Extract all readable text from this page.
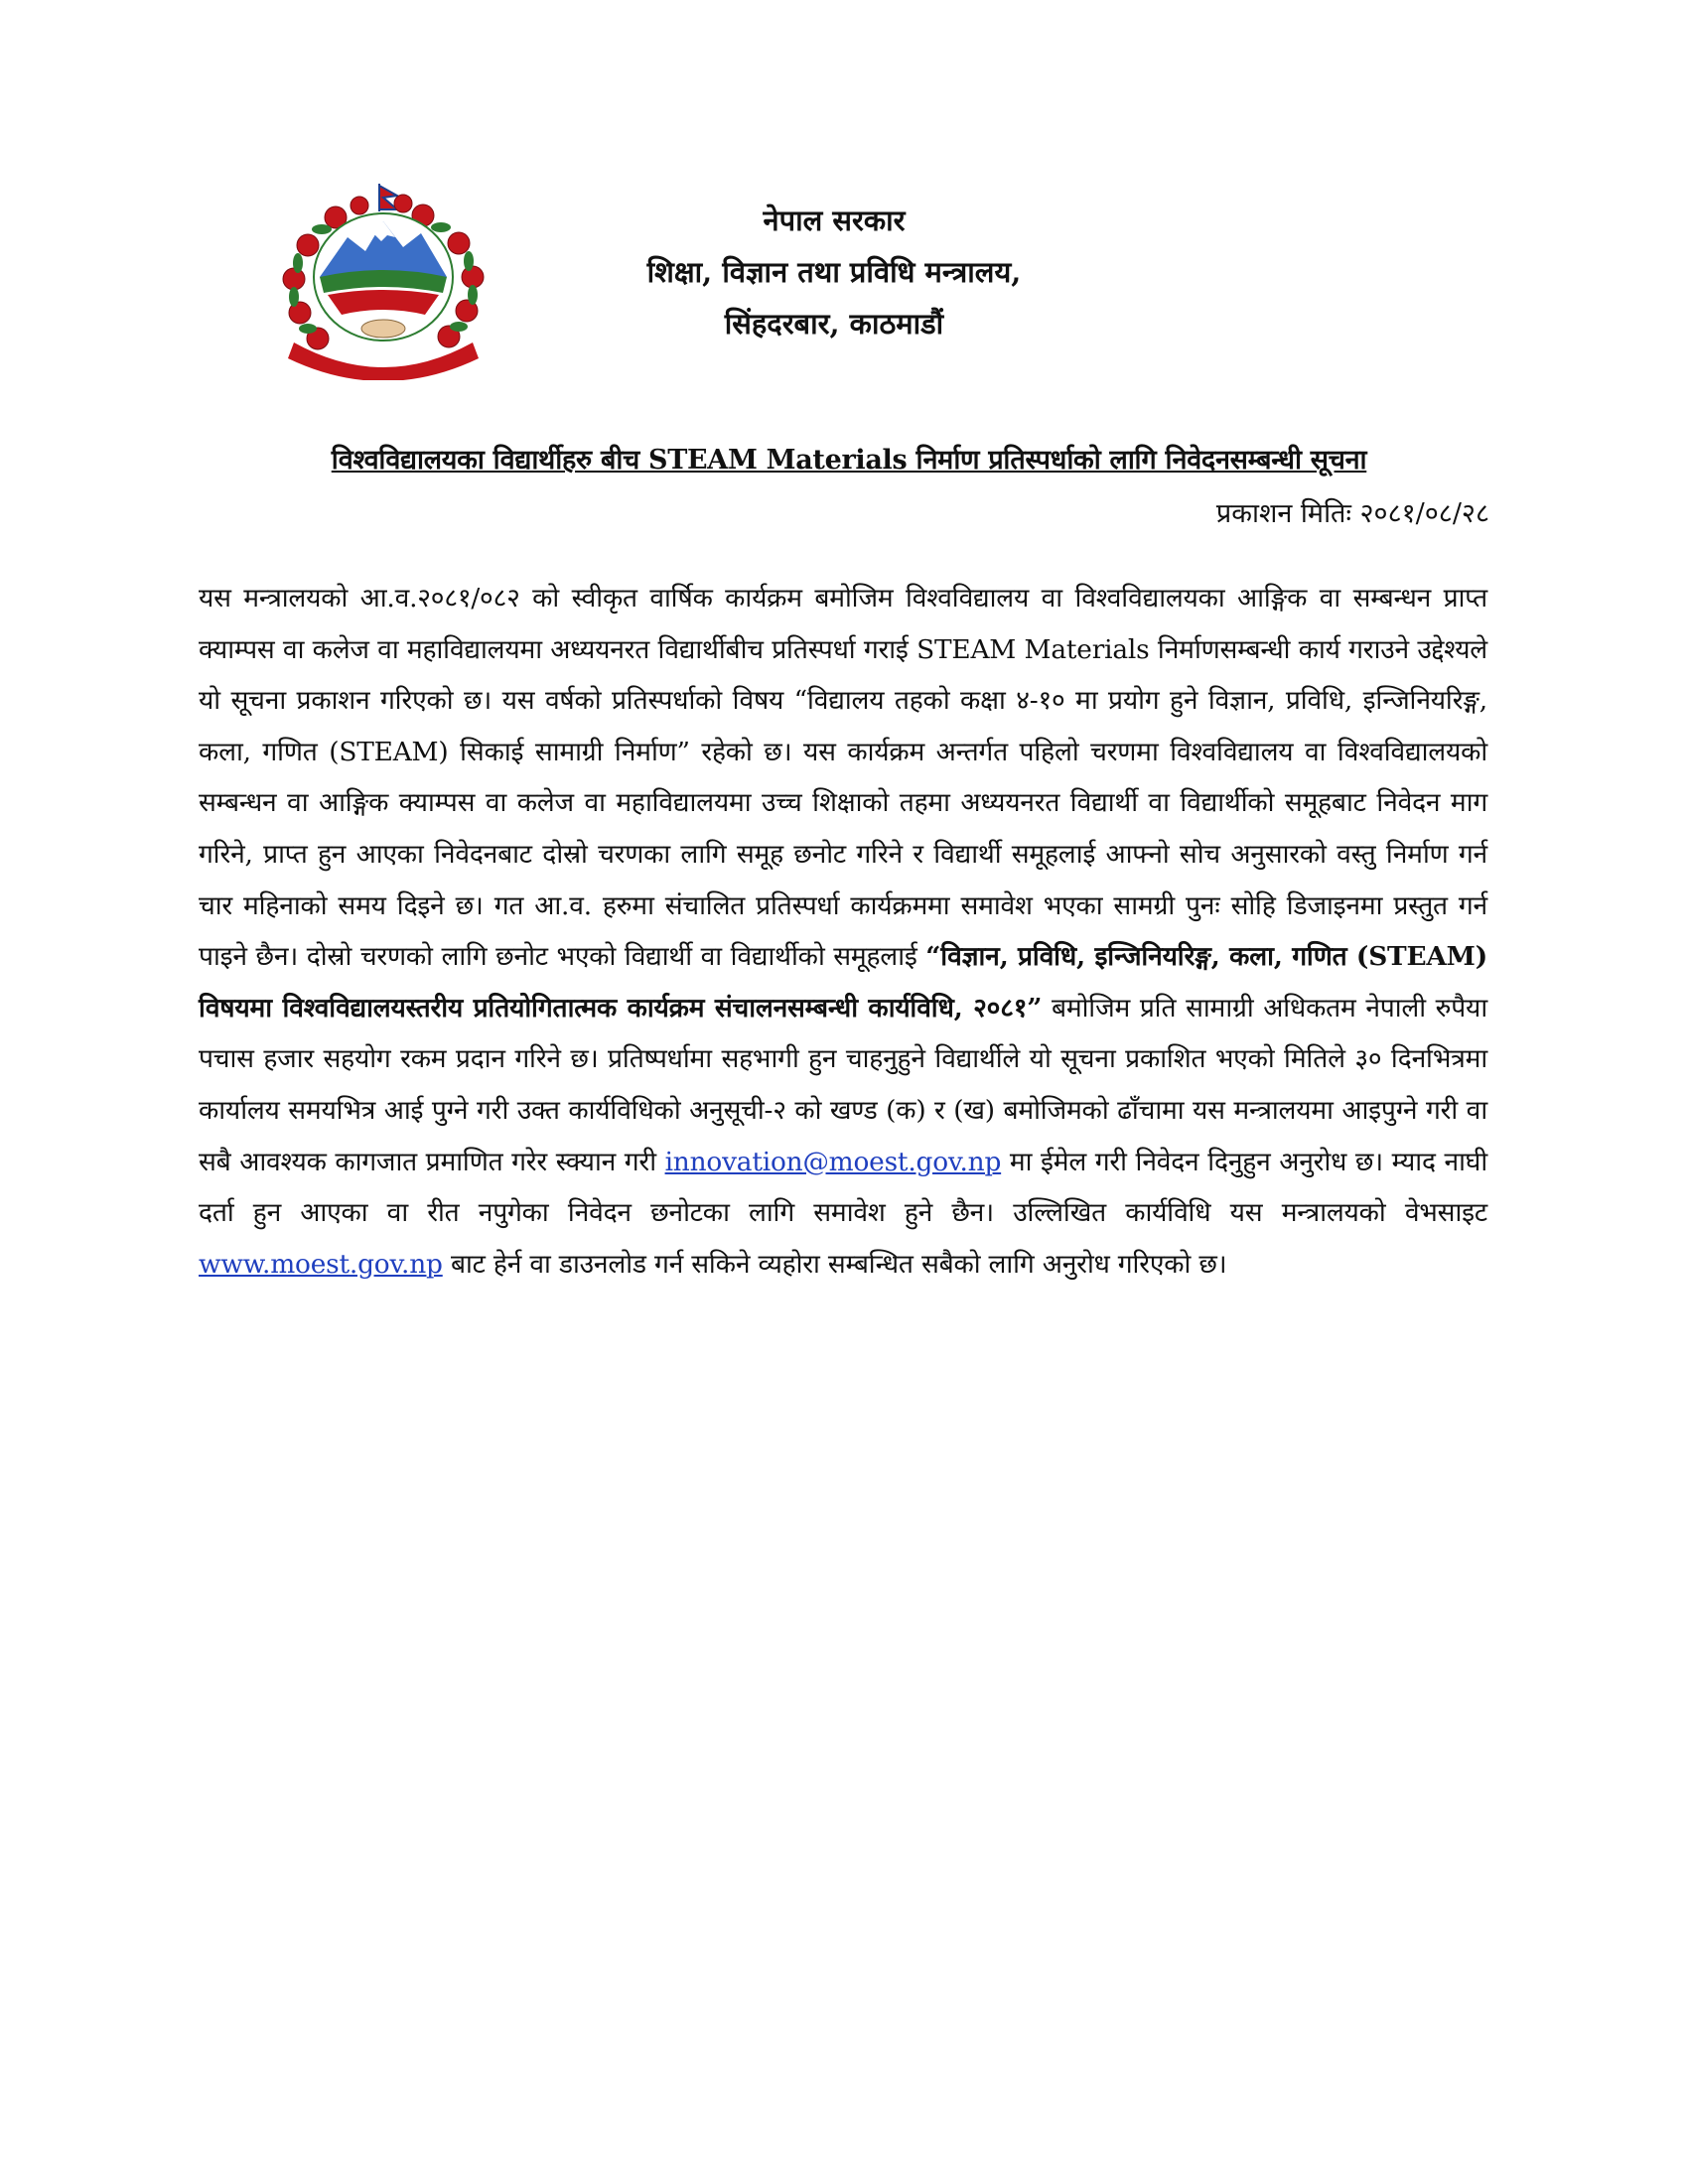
~
नेपाल सरकार
शिक्षा, विज्ञान तथा प्रविधि मन्त्रालय,
सिंहदरबार, काठमाडौं
विश्वविद्यालयका विद्यार्थीहरु बीच STEAM Materials निर्माण प्रतिस्पर्धाको लागि निवेदनसम्बन्धी सूचना
प्रकाशन मितिः २०८१/०८/२८
यस मन्त्रालयको आ.व.२०८१/०८२ को स्वीकृत वार्षिक कार्यक्रम बमोजिम विश्वविद्यालय वा विश्वविद्यालयका आङ्गिक वा सम्बन्धन प्राप्त क्याम्पस वा कलेज वा महाविद्यालयमा अध्ययनरत विद्यार्थीबीच प्रतिस्पर्धा गराई STEAM Materials निर्माणसम्बन्धी कार्य गराउने उद्देश्यले यो सूचना प्रकाशन गरिएको छ। यस वर्षको प्रतिस्पर्धाको विषय “विद्यालय तहको कक्षा ४-१० मा प्रयोग हुने विज्ञान, प्रविधि, इन्जिनियरिङ्ग, कला, गणित (STEAM) सिकाई सामाग्री निर्माण” रहेको छ। यस कार्यक्रम अन्तर्गत पहिलो चरणमा विश्वविद्यालय वा विश्वविद्यालयको सम्बन्धन वा आङ्गिक क्याम्पस वा कलेज वा महाविद्यालयमा उच्च शिक्षाको तहमा अध्ययनरत विद्यार्थी वा विद्यार्थीको समूहबाट निवेदन माग गरिने, प्राप्त हुन आएका निवेदनबाट दोस्रो चरणका लागि समूह छनोट गरिने र विद्यार्थी समूहलाई आफ्नो सोच अनुसारको वस्तु निर्माण गर्न चार महिनाको समय दिइने छ। गत आ.व. हरुमा संचालित प्रतिस्पर्धा कार्यक्रममा समावेश भएका सामग्री पुनः सोहि डिजाइनमा प्रस्तुत गर्न पाइने छैन। दोस्रो चरणको लागि छनोट भएको विद्यार्थी वा विद्यार्थीको समूहलाई “विज्ञान, प्रविधि, इन्जिनियरिङ्ग, कला, गणित (STEAM) विषयमा विश्वविद्यालयस्तरीय प्रतियोगितात्मक कार्यक्रम संचालनसम्बन्धी कार्यविधि, २०८१” बमोजिम प्रति सामाग्री अधिकतम नेपाली रुपैया पचास हजार सहयोग रकम प्रदान गरिने छ। प्रतिष्पर्धामा सहभागी हुन चाहनुहुने विद्यार्थीले यो सूचना प्रकाशित भएको मितिले ३० दिनभित्रमा कार्यालय समयभित्र आई पुग्ने गरी उक्त कार्यविधिको अनुसूची-२ को खण्ड (क) र (ख) बमोजिमको ढाँचामा यस मन्त्रालयमा आइपुग्ने गरी वा सबै आवश्यक कागजात प्रमाणित गरेर स्क्यान गरी innovation@moest.gov.np मा ईमेल गरी निवेदन दिनुहुन अनुरोध छ। म्याद नाघी दर्ता हुन आएका वा रीत नपुगेका निवेदन छनोटका लागि समावेश हुने छैन। उल्लिखित कार्यविधि यस मन्त्रालयको वेभसाइट www.moest.gov.np बाट हेर्न वा डाउनलोड गर्न सकिने व्यहोरा सम्बन्धित सबैको लागि अनुरोध गरिएको छ।
